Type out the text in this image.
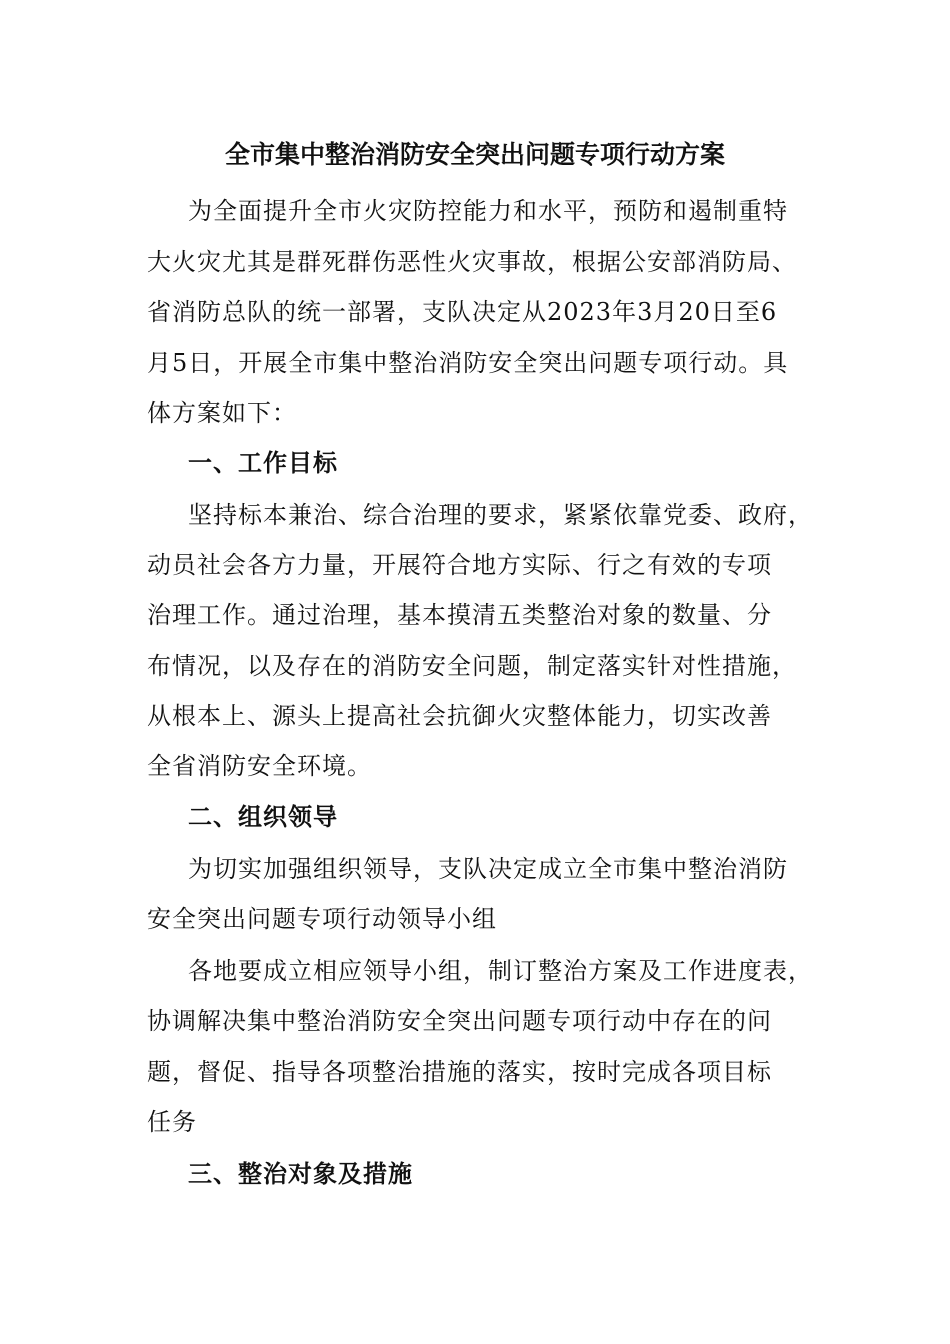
全市集中整治消防安全突出问题专项行动方案
为全面提升全市火灾防控能力和水平，预防和遏制重特
大火灾尤其是群死群伤恶性火灾事故，根据公安部消防局、
省消防总队的统一部署，支队决定从2023年3月20日至6
月5日，开展全市集中整治消防安全突出问题专项行动。具
体方案如下：
一、工作目标
坚持标本兼治、综合治理的要求，紧紧依靠党委、政府，
动员社会各方力量，开展符合地方实际、行之有效的专项
治理工作。通过治理，基本摸清五类整治对象的数量、分
布情况，以及存在的消防安全问题，制定落实针对性措施，
从根本上、源头上提高社会抗御火灾整体能力，切实改善
全省消防安全环境。
二、组织领导
为切实加强组织领导，支队决定成立全市集中整治消防
安全突出问题专项行动领导小组
各地要成立相应领导小组，制订整治方案及工作进度表，
协调解决集中整治消防安全突出问题专项行动中存在的问
题，督促、指导各项整治措施的落实，按时完成各项目标
任务
三、整治对象及措施
